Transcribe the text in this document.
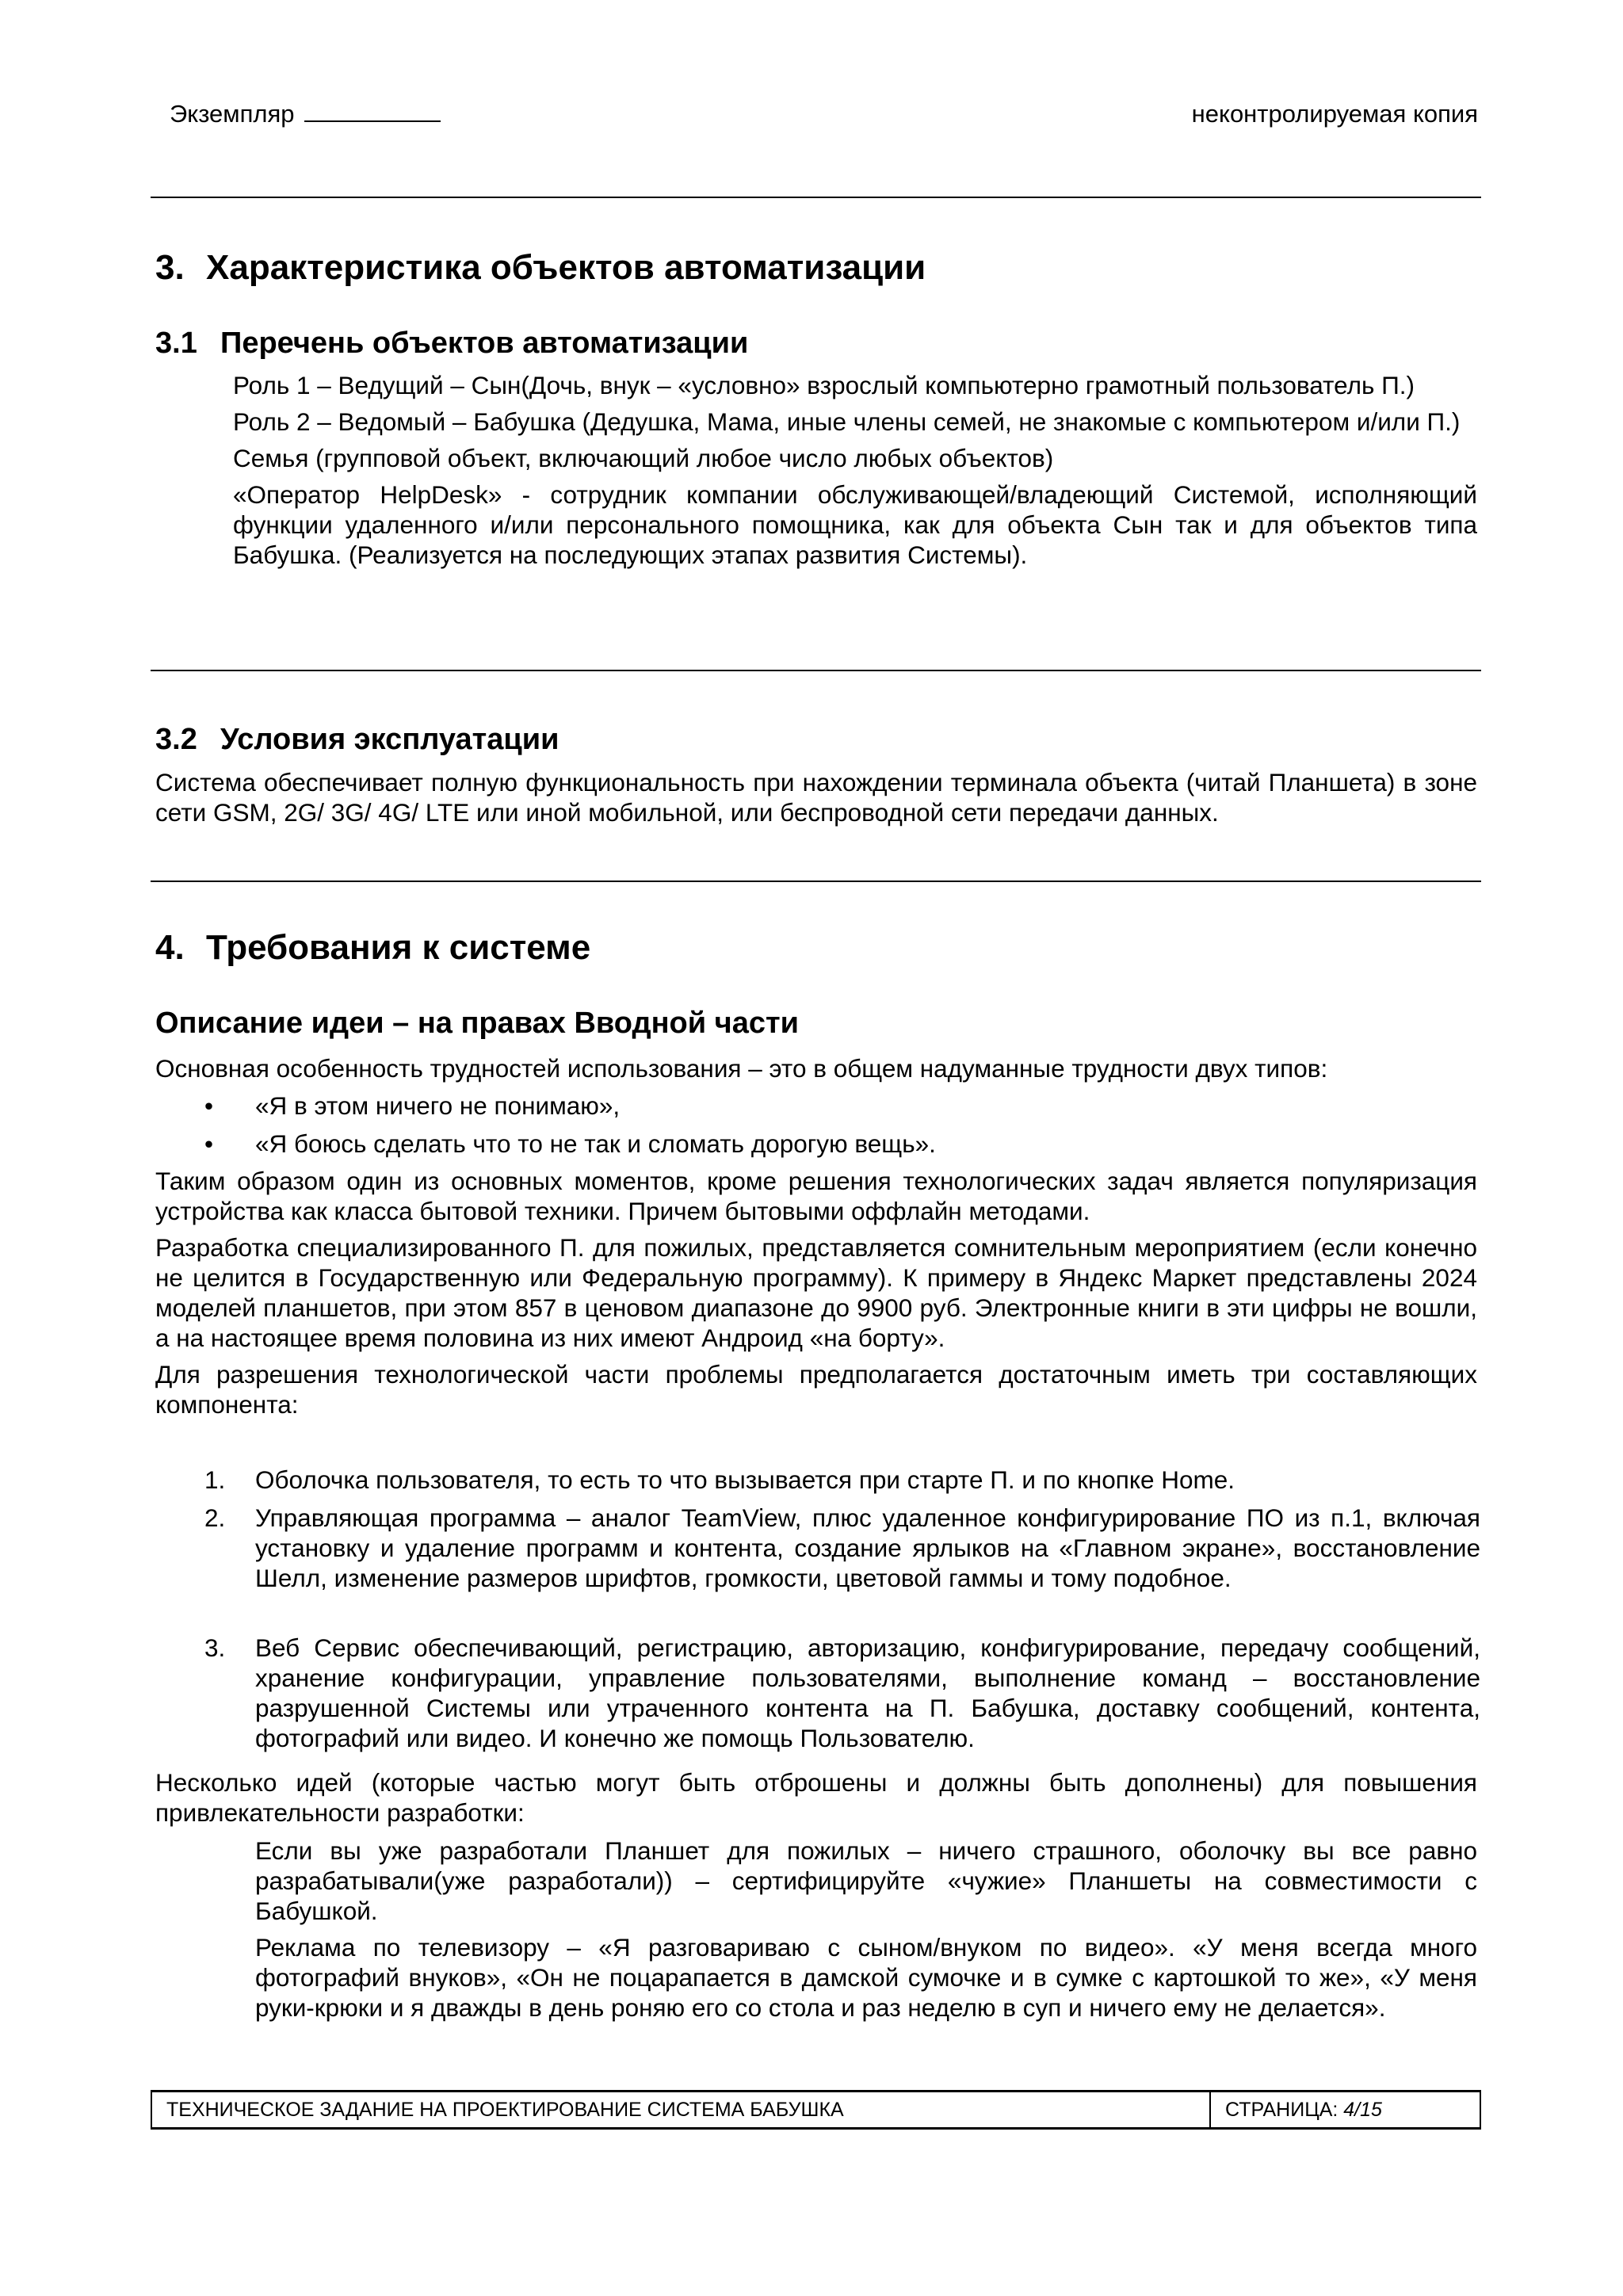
Экземпляр	неконтролируемая копия
3. Характеристика объектов автоматизации
3.1 Перечень объектов автоматизации

Роль 1 – Ведущий – Сын(Дочь, внук – «условно» взрослый компьютерно грамотный пользователь П.)

Роль 2 – Ведомый – Бабушка (Дедушка, Мама, иные члены семей, не знакомые с компьютером и/или П.)

Семья (групповой объект, включающий любое число любых объектов)

«Оператор HelpDesk» - сотрудник компании обслуживающей/владеющий Системой, исполняющий функции удаленного и/или персонального помощника, как для объекта Сын так и для объектов типа Бабушка. (Реализуется на последующих этапах развития Системы).

3.2 Условия эксплуатации

Система обеспечивает полную функциональность при нахождении терминала объекта (читай Планшета) в зоне сети GSM, 2G/ 3G/ 4G/ LTE или иной мобильной, или беспроводной сети передачи данных.

4. Требования к системе
Описание идеи – на правах Вводной части

Основная особенность трудностей использования – это в общем надуманные трудности двух типов:

• «Я в этом ничего не понимаю»,
• «Я боюсь сделать что то не так и сломать дорогую вещь».

Таким образом один из основных моментов, кроме решения технологических задач является популяризация устройства как класса бытовой техники. Причем бытовыми оффлайн методами.

Разработка специализированного П. для пожилых, представляется сомнительным мероприятием (если конечно не целится в Государственную или Федеральную программу). К примеру в Яндекс Маркет представлены 2024 моделей планшетов, при этом 857 в ценовом диапазоне до 9900 руб. Электронные книги в эти цифры не вошли, а на настоящее время половина из них имеют Андроид «на борту».

Для разрешения технологической части проблемы предполагается достаточным иметь три составляющих компонента:

1. Оболочка пользователя, то есть то что вызывается при старте П. и по кнопке Home.
2. Управляющая программа – аналог TeamView, плюс удаленное конфигурирование ПО из п.1, включая установку и удаление программ и контента, создание ярлыков на «Главном экране», восстановление Шелл, изменение размеров шрифтов, громкости, цветовой гаммы и тому подобное.
3. Веб Сервис обеспечивающий, регистрацию, авторизацию, конфигурирование, передачу сообщений, хранение конфигурации, управление пользователями, выполнение команд – восстановление разрушенной Системы или утраченного контента на П. Бабушка, доставку сообщений, контента, фотографий или видео. И конечно же помощь Пользователю.

Несколько идей (которые частью могут быть отброшены и должны быть дополнены) для повышения привлекательности разработки:

Если вы уже разработали Планшет для пожилых – ничего страшного, оболочку вы все равно разрабатывали(уже разработали)) – сертифицируйте «чужие» Планшеты на совместимости с Бабушкой.

Реклама по телевизору – «Я разговариваю с сыном/внуком по видео». «У меня всегда много фотографий внуков», «Он не поцарапается в дамской сумочке и в сумке с картошкой то же», «У меня руки-крюки и я дважды в день роняю его со стола и раз неделю в суп и ничего ему не делается».

ТЕХНИЧЕСКОЕ ЗАДАНИЕ НА ПРОЕКТИРОВАНИЕ СИСТЕМА БАБУШКА	СТРАНИЦА: 4/15
